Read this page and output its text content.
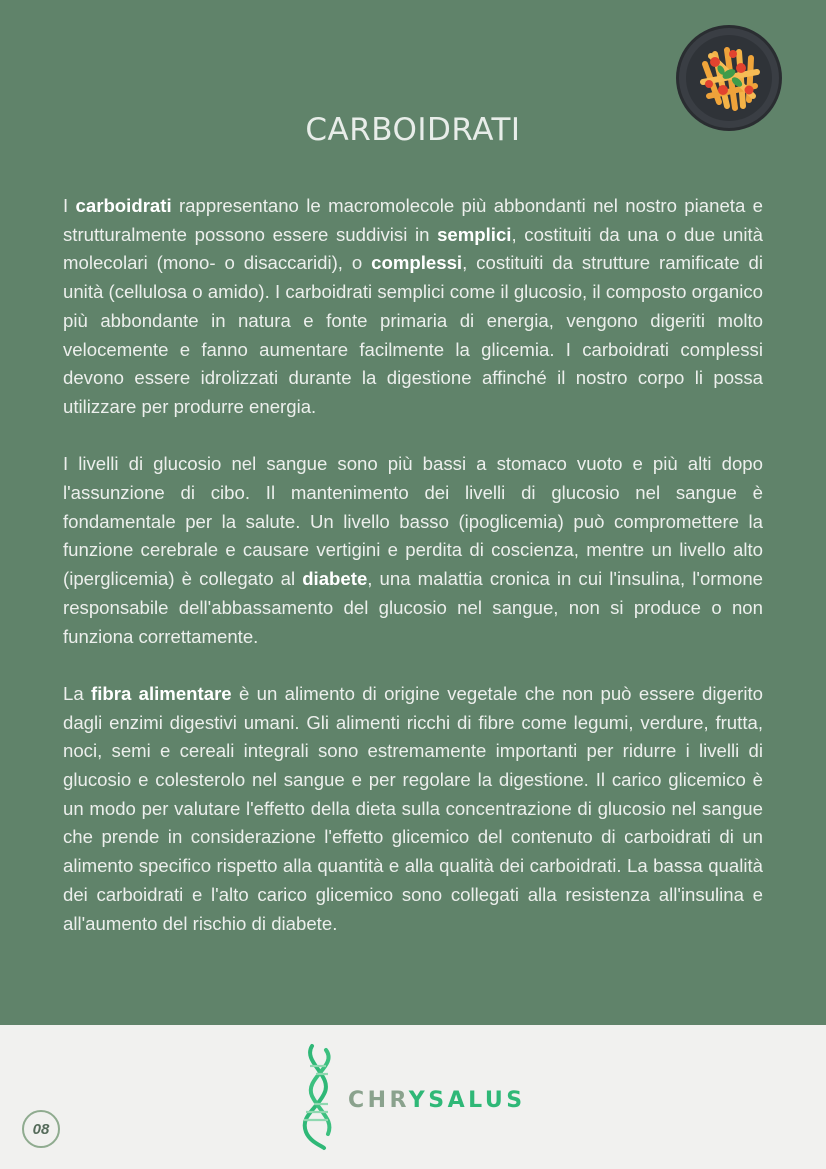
CARBOIDRATI

I carboidrati rappresentano le macromolecole più abbondanti nel nostro pianeta e strutturalmente possono essere suddivisi in semplici, costituiti da una o due unità molecolari (mono- o disaccaridi), o complessi, costituiti da strutture ramificate di unità (cellulosa o amido). I carboidrati semplici come il glucosio, il composto organico più abbondante in natura e fonte primaria di energia, vengono digeriti molto velocemente e fanno aumentare facilmente la glicemia. I carboidrati complessi devono essere idrolizzati durante la digestione affinché il nostro corpo li possa utilizzare per produrre energia.

I livelli di glucosio nel sangue sono più bassi a stomaco vuoto e più alti dopo l'assunzione di cibo. Il mantenimento dei livelli di glucosio nel sangue è fondamentale per la salute. Un livello basso (ipoglicemia) può compromettere la funzione cerebrale e causare vertigini e perdita di coscienza, mentre un livello alto (iperglicemia) è collegato al diabete, una malattia cronica in cui l'insulina, l'ormone responsabile dell'abbassamento del glucosio nel sangue, non si produce o non funziona correttamente.

La fibra alimentare è un alimento di origine vegetale che non può essere digerito dagli enzimi digestivi umani. Gli alimenti ricchi di fibre come legumi, verdure, frutta, noci, semi e cereali integrali sono estremamente importanti per ridurre i livelli di glucosio e colesterolo nel sangue e per regolare la digestione. Il carico glicemico è un modo per valutare l'effetto della dieta sulla concentrazione di glucosio nel sangue che prende in considerazione l'effetto glicemico del contenuto di carboidrati di un alimento specifico rispetto alla quantità e alla qualità dei carboidrati. La bassa qualità dei carboidrati e l'alto carico glicemico sono collegati alla resistenza all'insulina e all'aumento del rischio di diabete.

CHRYSALUS
08
